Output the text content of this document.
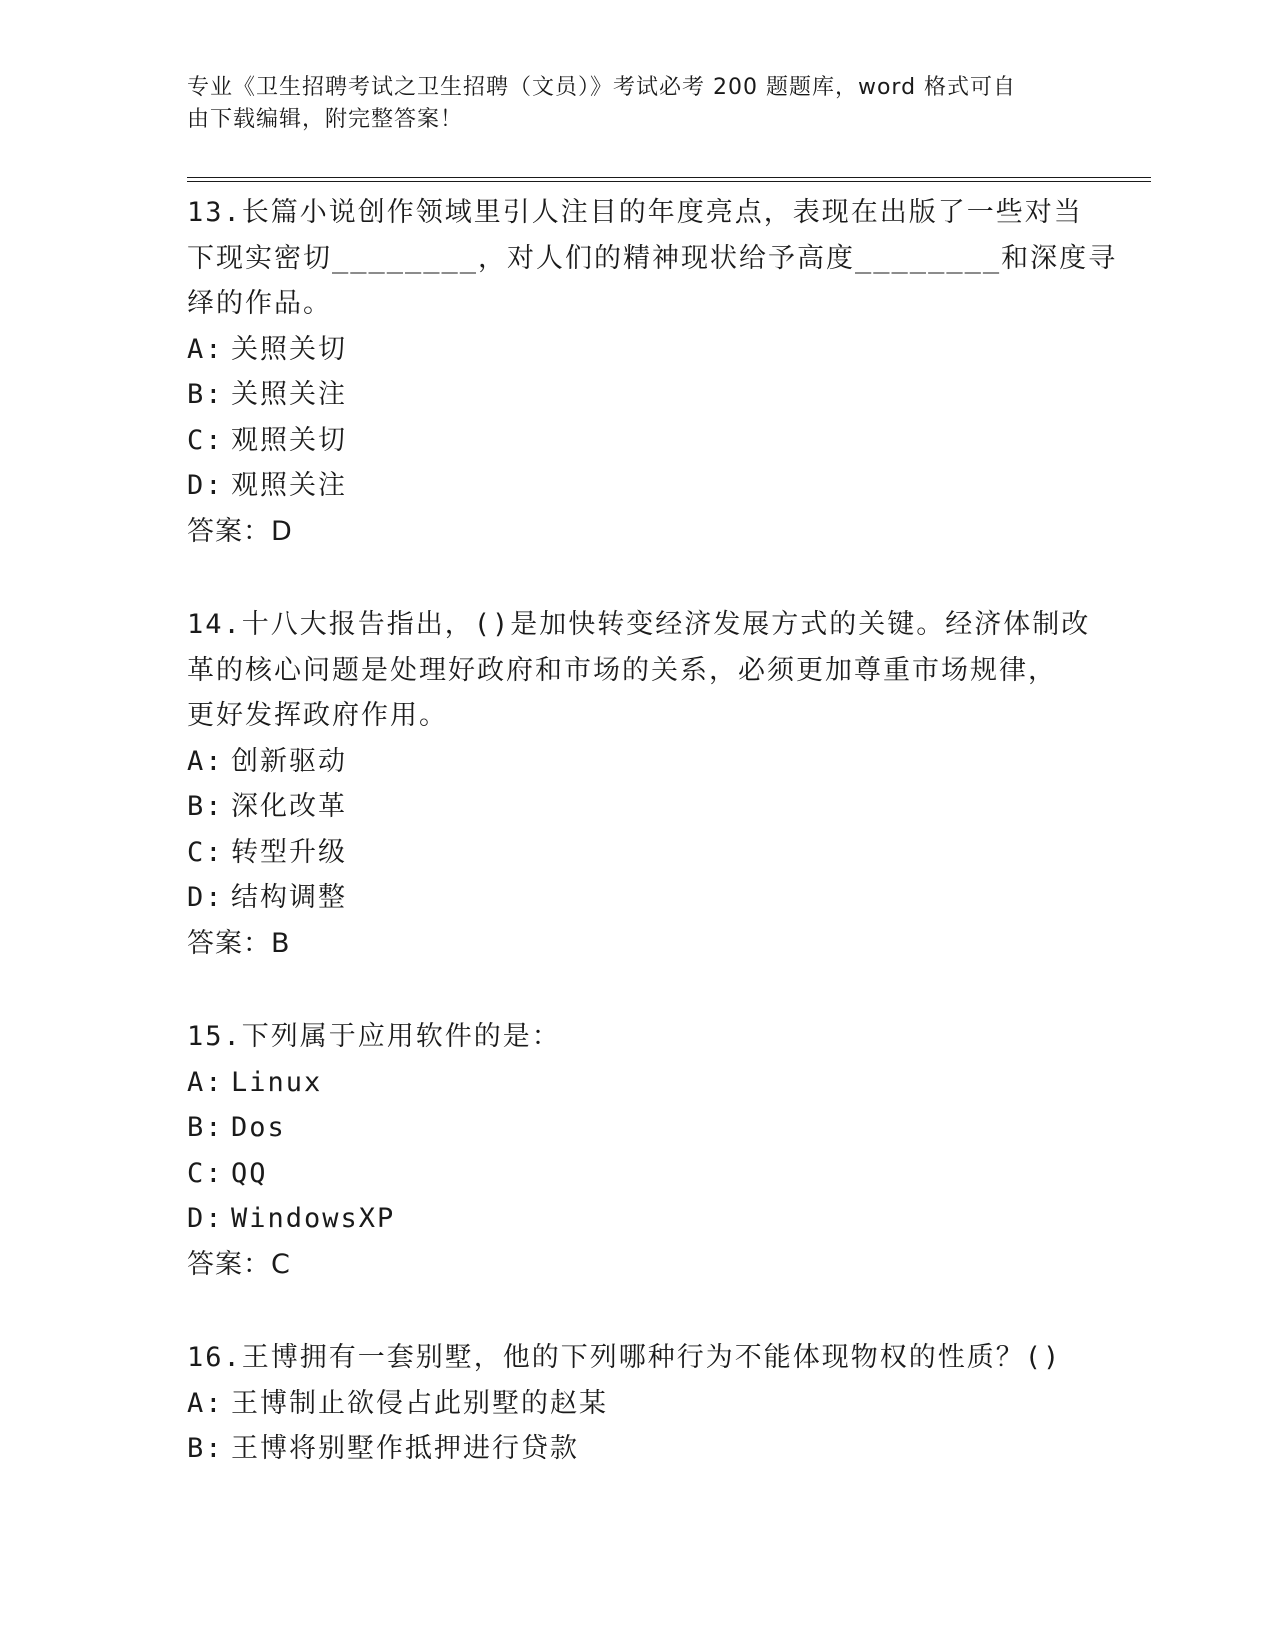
专业《卫生招聘考试之卫生招聘（文员）》考试必考 200 题题库，word 格式可自
由下载编辑，附完整答案！
13.长篇小说创作领域里引人注目的年度亮点，表现在出版了一些对当
下现实密切________，对人们的精神现状给予高度________和深度寻
绎的作品。
A: 关照关切
B: 关照关注
C: 观照关切
D: 观照关注
答案：D
14.十八大报告指出，()是加快转变经济发展方式的关键。经济体制改
革的核心问题是处理好政府和市场的关系，必须更加尊重市场规律，
更好发挥政府作用。
A: 创新驱动
B: 深化改革
C: 转型升级
D: 结构调整
答案：B
15.下列属于应用软件的是：
A: Linux
B: Dos
C: QQ
D: WindowsXP
答案：C
16.王博拥有一套别墅，他的下列哪种行为不能体现物权的性质？()
A: 王博制止欲侵占此别墅的赵某
B: 王博将别墅作抵押进行贷款
